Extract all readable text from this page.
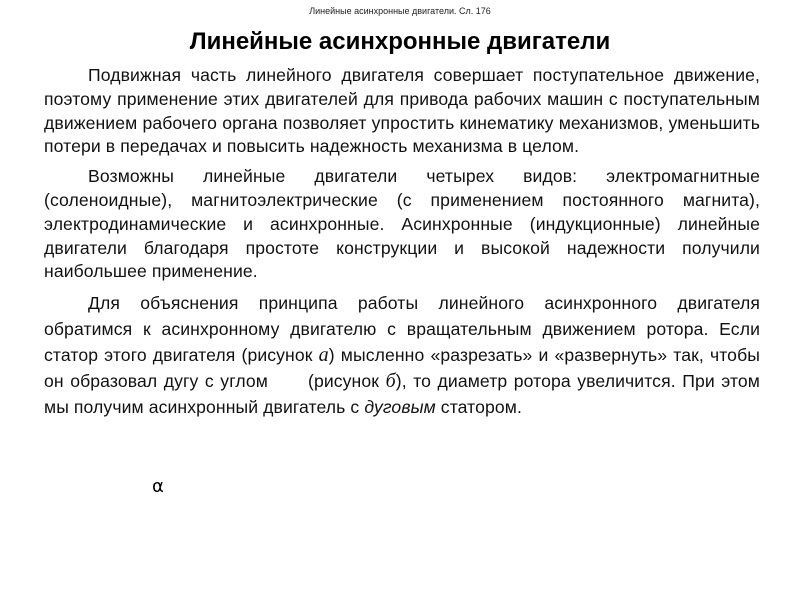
Линейные асинхронные двигатели. Сл. 176
Линейные асинхронные двигатели

Подвижная часть линейного двигателя совершает поступательное движение, поэтому применение этих двигателей для привода рабочих машин с поступательным движением рабочего органа позволяет упростить кинематику механизмов, уменьшить потери в передачах и повысить надежность механизма в целом.

Возможны линейные двигатели четырех видов: электромагнитные (соленоидные), магнитоэлектрические (с применением постоянного магнита), электродинамические и асинхронные. Асинхронные (индукционные) линейные двигатели благодаря простоте конструкции и высокой надежности получили наибольшее применение.

Для объяснения принципа работы линейного асинхронного двигателя обратимся к асинхронному двигателю с вращательным движением ротора. Если статор этого двигателя (рисунок а) мысленно «разрезать» и «развернуть» так, чтобы он образовал дугу с углом (рисунок б), то диаметр ротора увеличится. При этом мы получим асинхронный двигатель с дуговым статором.

α
